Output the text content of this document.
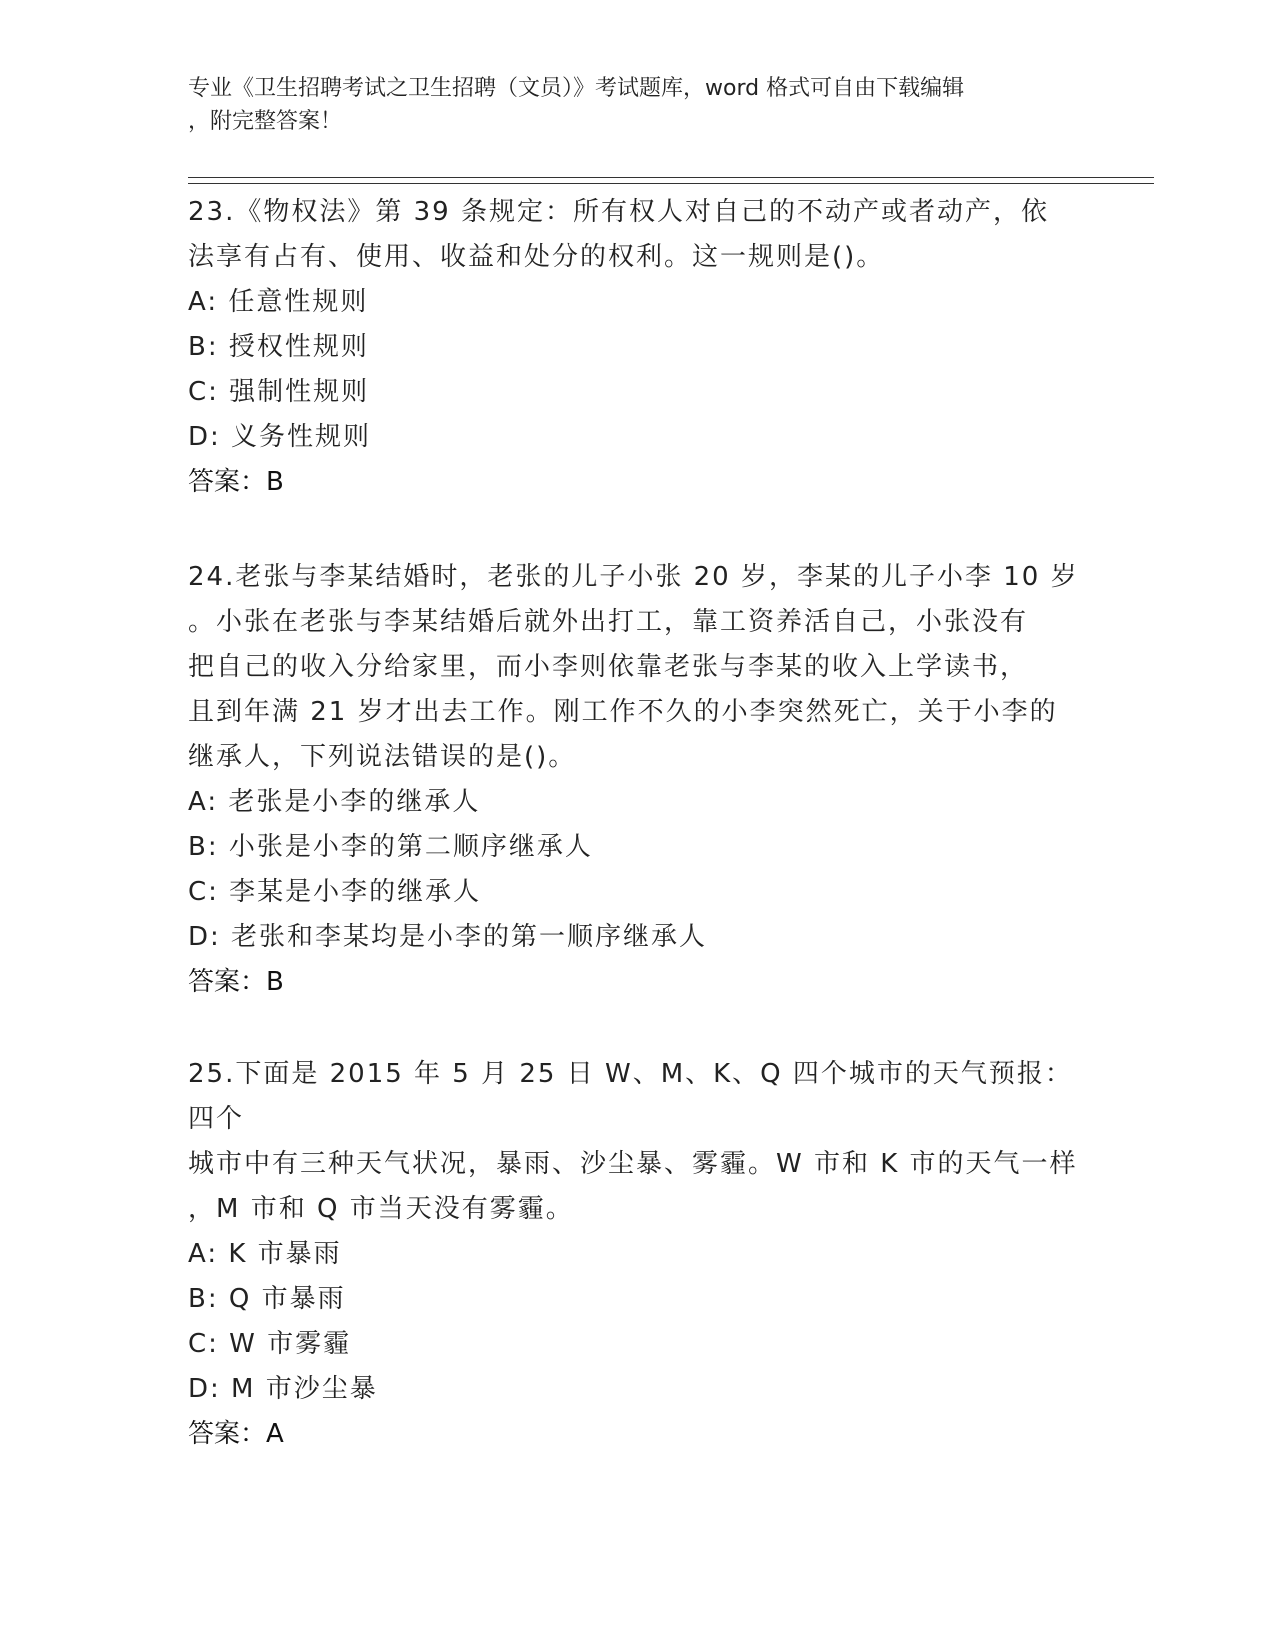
专业《卫生招聘考试之卫生招聘（文员）》考试题库，word 格式可自由下载编辑
，附完整答案！

23.《物权法》第 39 条规定：所有权人对自己的不动产或者动产，依

法享有占有、使用、收益和处分的权利。这一规则是()。

A: 任意性规则

B: 授权性规则

C: 强制性规则

D: 义务性规则

答案：B

24.老张与李某结婚时，老张的儿子小张 20 岁，李某的儿子小李 10 岁

。小张在老张与李某结婚后就外出打工，靠工资养活自己，小张没有

把自己的收入分给家里，而小李则依靠老张与李某的收入上学读书，

且到年满 21 岁才出去工作。刚工作不久的小李突然死亡，关于小李的

继承人，下列说法错误的是()。

A: 老张是小李的继承人

B: 小张是小李的第二顺序继承人

C: 李某是小李的继承人

D: 老张和李某均是小李的第一顺序继承人

答案：B

25.下面是 2015 年 5 月 25 日 W、M、K、Q 四个城市的天气预报：四个

城市中有三种天气状况，暴雨、沙尘暴、雾霾。W 市和 K 市的天气一样

，M 市和 Q 市当天没有雾霾。

A: K 市暴雨

B: Q 市暴雨

C: W 市雾霾

D: M 市沙尘暴

答案：A
